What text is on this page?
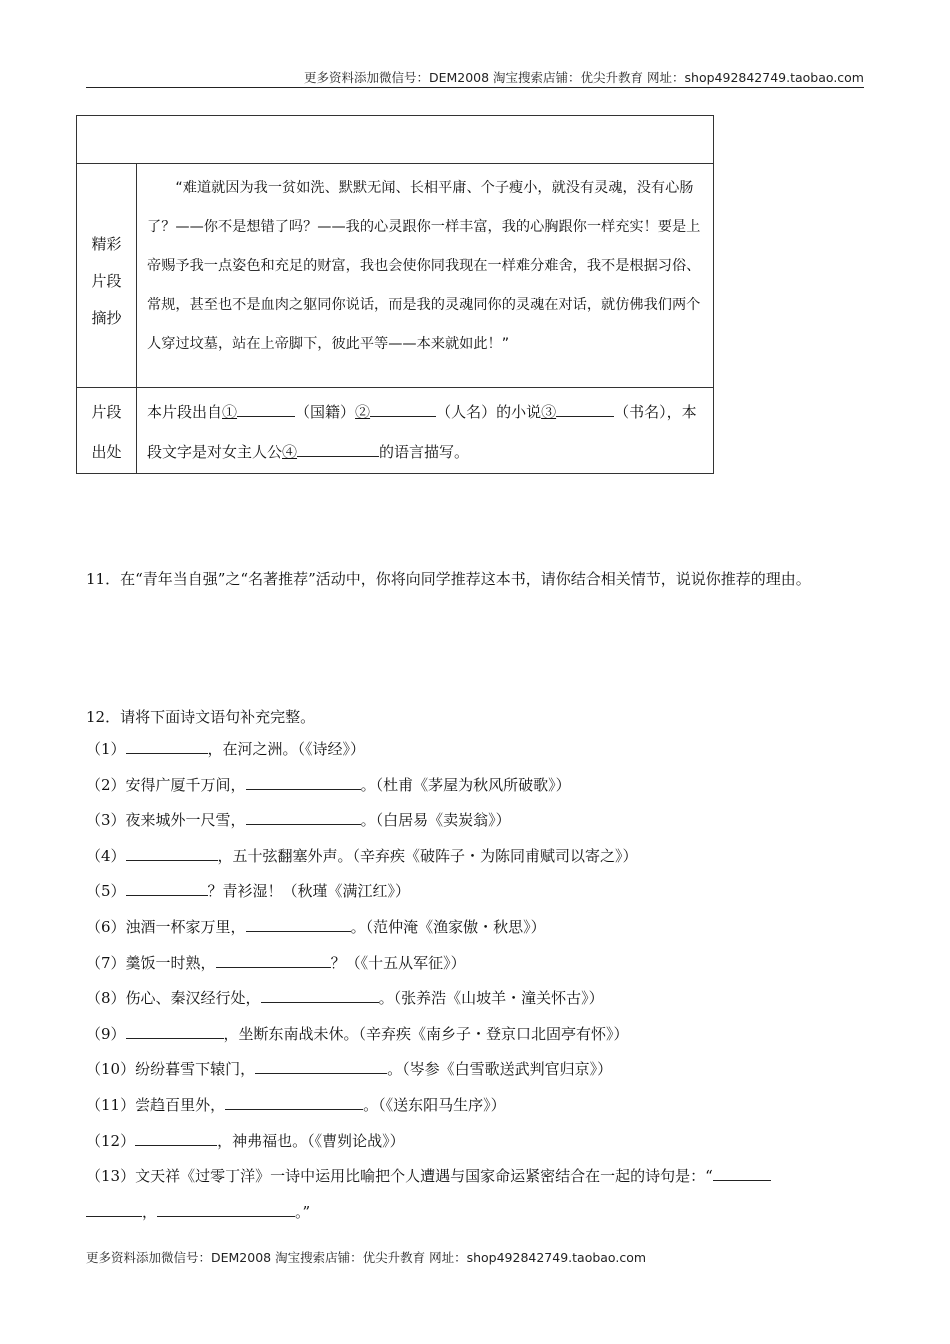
更多资料添加微信号：DEM2008 淘宝搜索店铺：优尖升教育 网址：shop492842749.taobao.com

精彩片段摘抄	“难道就因为我一贫如洗、默默无闻、长相平庸、个子瘦小，就没有灵魂，没有心肠了？——你不是想错了吗？——我的心灵跟你一样丰富，我的心胸跟你一样充实！要是上帝赐予我一点姿色和充足的财富，我也会使你同我现在一样难分难舍，我不是根据习俗、常规，甚至也不是血肉之躯同你说话，而是我的灵魂同你的灵魂在对话，就仿佛我们两个人穿过坟墓，站在上帝脚下，彼此平等——本来就如此！”

片段出处	本片段出自① （国籍）② （人名）的小说③ （书名），本段文字是对女主人公④ 的语言描写。

11．在“青年当自强”之“名著推荐”活动中，你将向同学推荐这本书，请你结合相关情节，说说你推荐的理由。
12．请将下面诗文语句补充完整。
（1）	，在河之洲。（《诗经》）
（2）安得广厦千万间，	。（杜甫《茅屋为秋风所破歌》）
（3）夜来城外一尺雪，	。（白居易《卖炭翁》）
（4）	，五十弦翻塞外声。（辛弃疾《破阵子・为陈同甫赋司以寄之》）
（5）	？青衫湿！（秋瑾《满江红》）
（6）浊酒一杯家万里，	。（范仲淹《渔家傲・秋思》）
（7）羹饭一时熟，	？（《十五从军征》）
（8）伤心、秦汉经行处，	。（张养浩《山坡羊・潼关怀古》）
（9）	，坐断东南战未休。（辛弃疾《南乡子・登京口北固亭有怀》）
（10）纷纷暮雪下辕门，	。（岑参《白雪歌送武判官归京》）
（11）尝趋百里外，	。（《送东阳马生序》）
（12）	，神弗福也。（《曹刿论战》）
（13）文天祥《过零丁洋》一诗中运用比喻把个人遭遇与国家命运紧密结合在一起的诗句是：“
，	。”
更多资料添加微信号：DEM2008 淘宝搜索店铺：优尖升教育 网址：shop492842749.taobao.com
